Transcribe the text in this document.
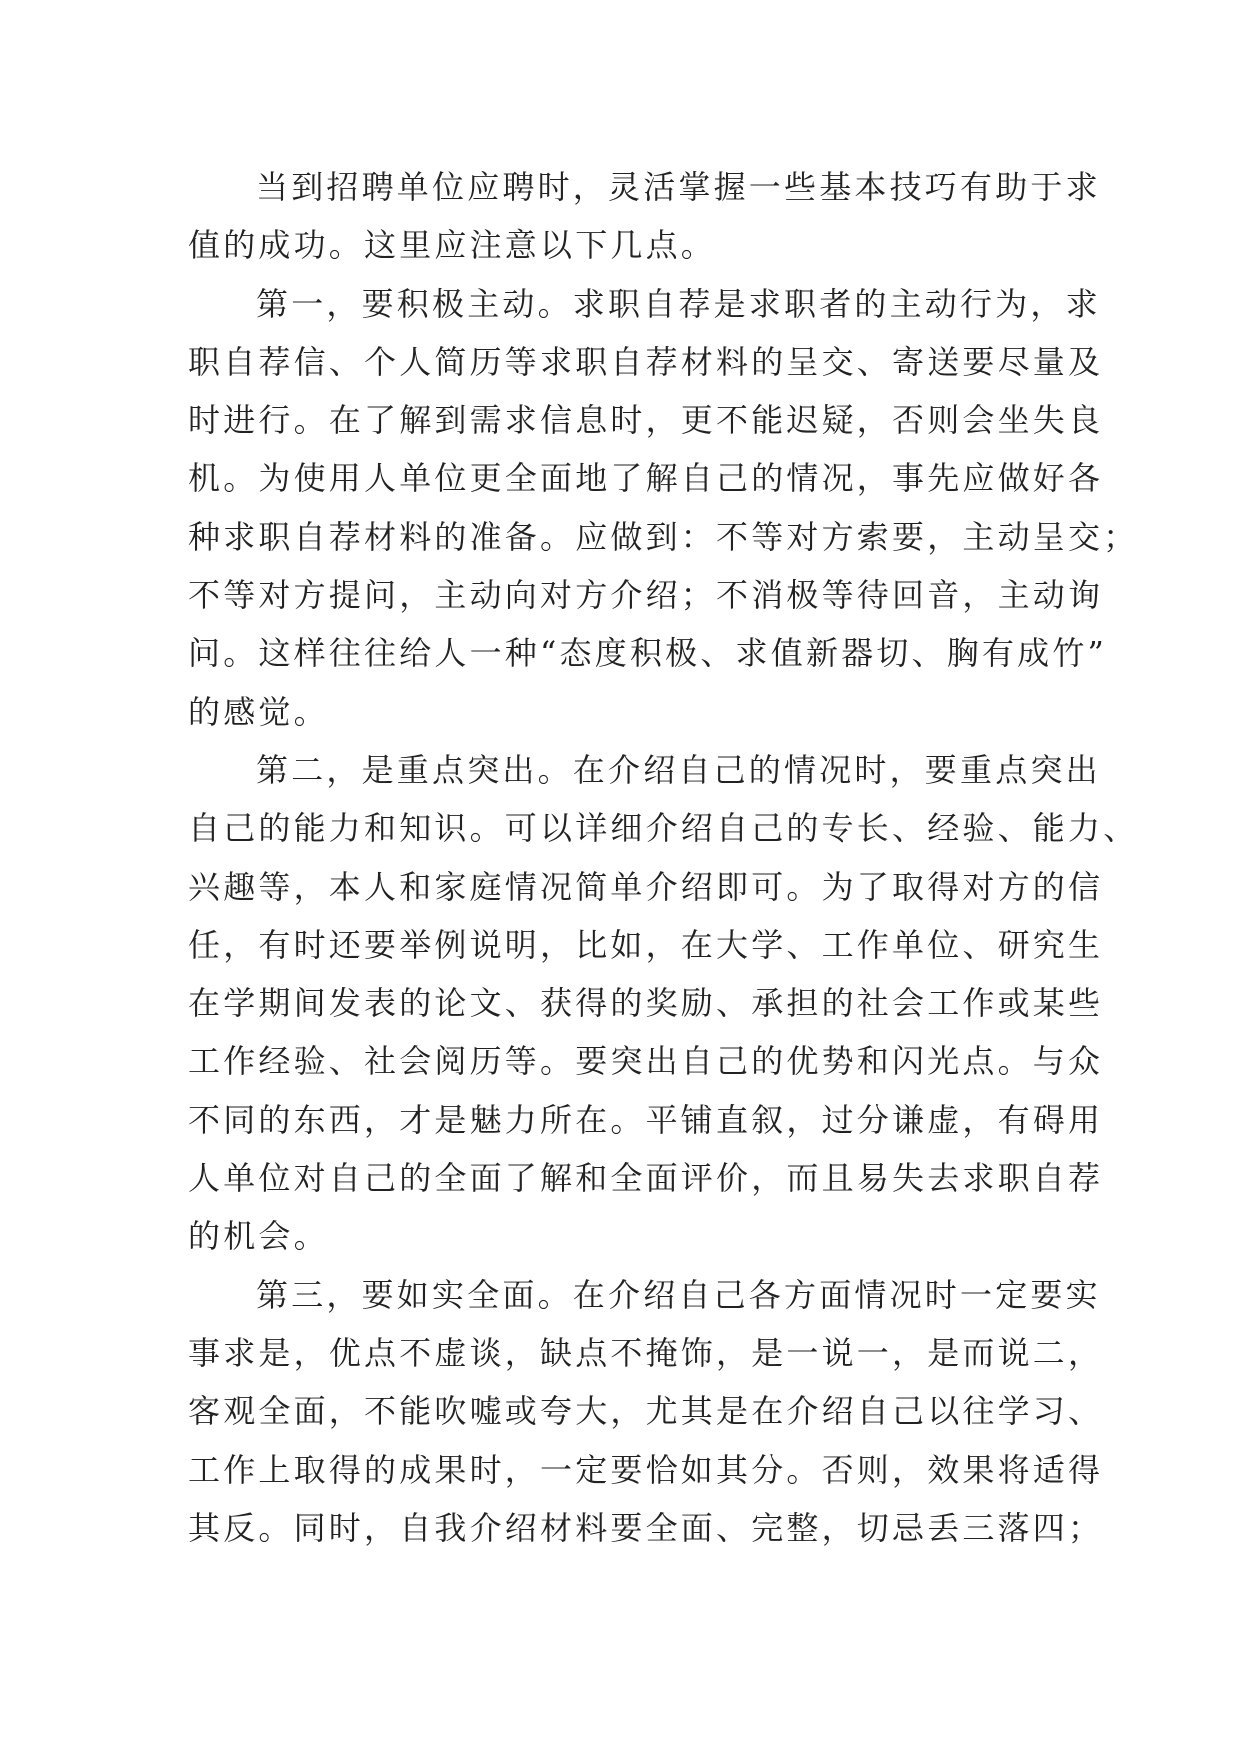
当到招聘单位应聘时，灵活掌握一些基本技巧有助于求
值的成功。这里应注意以下几点。
第一，要积极主动。求职自荐是求职者的主动行为，求
职自荐信、个人简历等求职自荐材料的呈交、寄送要尽量及
时进行。在了解到需求信息时，更不能迟疑，否则会坐失良
机。为使用人单位更全面地了解自己的情况，事先应做好各
种求职自荐材料的准备。应做到：不等对方索要，主动呈交；
不等对方提问，主动向对方介绍；不消极等待回音，主动询
问。这样往往给人一种“态度积极、求值新器切、胸有成竹”
的感觉。
第二，是重点突出。在介绍自己的情况时，要重点突出
自己的能力和知识。可以详细介绍自己的专长、经验、能力、
兴趣等，本人和家庭情况简单介绍即可。为了取得对方的信
任，有时还要举例说明，比如，在大学、工作单位、研究生
在学期间发表的论文、获得的奖励、承担的社会工作或某些
工作经验、社会阅历等。要突出自己的优势和闪光点。与众
不同的东西，才是魅力所在。平铺直叙，过分谦虚，有碍用
人单位对自己的全面了解和全面评价，而且易失去求职自荐
的机会。
第三，要如实全面。在介绍自己各方面情况时一定要实
事求是，优点不虚谈，缺点不掩饰，是一说一，是而说二，
客观全面，不能吹嘘或夸大，尤其是在介绍自己以往学习、
工作上取得的成果时，一定要恰如其分。否则，效果将适得
其反。同时，自我介绍材料要全面、完整，切忌丢三落四；
